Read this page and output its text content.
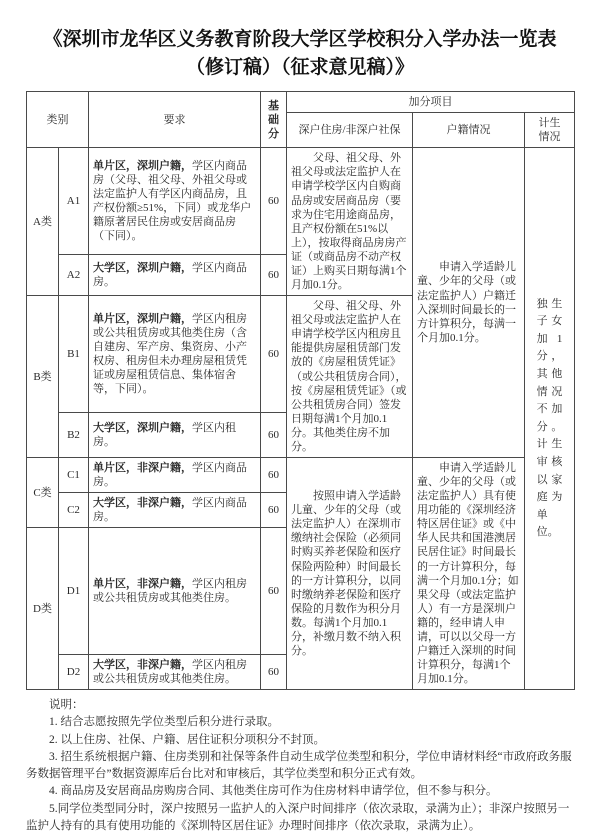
《深圳市龙华区义务教育阶段大学区学校积分入学办法一览表（修订稿）（征求意见稿）》
类别		要求	基础分	加分项目		
				深户住房/非深户社保	户籍情况	计生情况

A类	A1	单片区，深圳户籍，学区内商品房（父母、祖父母、外祖父母或法定监护人有学区内商品房，且产权份额≥51%，下同）或龙华户籍原著居民住房或安居商品房（下同）。	60	父母、祖父母、外祖父母或法定监护人在申请学校学区内自购商品房或安居商品房（要求为住宅用途商品房，且产权份额在51%以上），按取得商品房房产证（或商品房不动产权证）上购买日期每满1个月加0.1分。	申请入学适龄儿童、少年的父母（或法定监护人）户籍迁入深圳时间最长的一方计算积分，每满一个月加0.1分。	独生子女加1分，其他情况不加分。计生审核以家庭为单位。

	A2	大学区，深圳户籍，学区内商品房。	60			
B类	B1	单片区，深圳户籍，学区内租房或公共租赁房或其他类住房（含自建房、军产房、集资房、小产权房、租房但未办理房屋租赁凭证或房屋租赁信息、集体宿舍等，下同）。	60	父母、祖父母、外祖父母或法定监护人在申请学校学区内租房且能提供房屋租赁部门发放的《房屋租赁凭证》（或公共租赁房合同），按《房屋租赁凭证》（或公共租赁房合同）签发日期每满1个月加0.1分。其他类住房不加分。		

	B2	大学区，深圳户籍，学区内租房。	60			
C类	C1	单片区，非深户籍，学区内商品房。	60	按照申请入学适龄儿童、少年的父母（或法定监护人）在深圳市缴纳社会保险（必须同时购买养老保险和医疗保险两险种）时间最长的一方计算积分，以同时缴纳养老保险和医疗保险的月数作为积分月数。每满1个月加0.1分，补缴月数不纳入积分。	申请入学适龄儿童、少年的父母（或法定监护人）具有使用功能的《深圳经济特区居住证》或《中华人民共和国港澳居民居住证》时间最长的一方计算积分，每满一个月加0.1分；如果父母（或法定监护人）有一方是深圳户籍的，经申请人申请，可以以父母一方户籍迁入深圳的时间计算积分，每满1个月加0.1分。	

	C2	大学区，非深户籍，学区内商品房。	60			
D类	D1	单片区，非深户籍，学区内租房或公共租赁房或其他类住房。	60			
	D2	大学区，非深户籍，学区内租房或公共租赁房或其他类住房。	60			

说明：

1. 结合志愿按照先学位类型后积分进行录取。

2. 以上住房、社保、户籍、居住证积分项积分不封顶。

3. 招生系统根据户籍、住房类别和社保等条件自动生成学位类型和积分，学位申请材料经“市政府政务服务数据管理平台”数据资源库后台比对和审核后，其学位类型和积分正式有效。

4. 商品房及安居商品房购房合同、其他类住房可作为住房材料申请学位，但不参与积分。

5.同学位类型同分时，深户按照另一监护人的入深户时间排序（依次录取，录满为止）；非深户按照另一监护人持有的具有使用功能的《深圳特区居住证》办理时间排序（依次录取，录满为止）。
